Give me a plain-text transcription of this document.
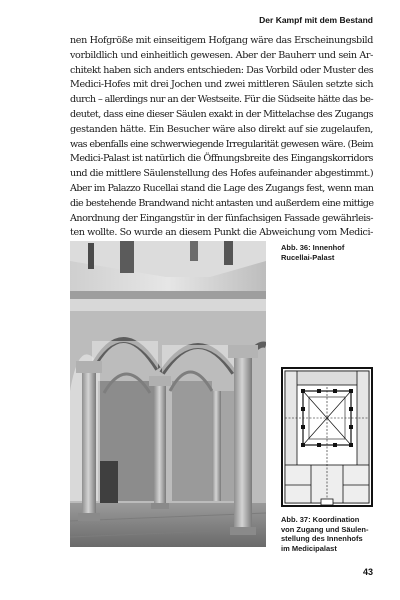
Der Kampf mit dem Bestand
nen Hofgröße mit einseitigem Hofgang wäre das Erscheinungsbild
vorbildlich und einheitlich gewesen. Aber der Bauherr und sein Ar-
chitekt haben sich anders entschieden: Das Vorbild oder Muster des
Medici-Hofes mit drei Jochen und zwei mittleren Säulen setzte sich
durch – allerdings nur an der Westseite. Für die Südseite hätte das be-
deutet, dass eine dieser Säulen exakt in der Mittelachse des Zugangs
gestanden hätte. Ein Besucher wäre also direkt auf sie zugelaufen,
was ebenfalls eine schwerwiegende Irregularität gewesen wäre. (Beim
Medici-Palast ist natürlich die Öffnungsbreite des Eingangskorridors
und die mittlere Säulenstellung des Hofes aufeinander abgestimmt.)
Aber im Palazzo Rucellai stand die Lage des Zugangs fest, wenn man
die bestehende Brandwand nicht antasten und außerdem eine mittige
Anordnung der Eingangstür in der fünfachsigen Fassade gewährleis-
ten wollte. So wurde an diesem Punkt die Abweichung vom Medici-
Abb. 36: Innenhof
Rucellai-Palast
Abb. 37: Koordination
von Zugang und Säulen-
stellung des Innenhofs
im Medicipalast
43
